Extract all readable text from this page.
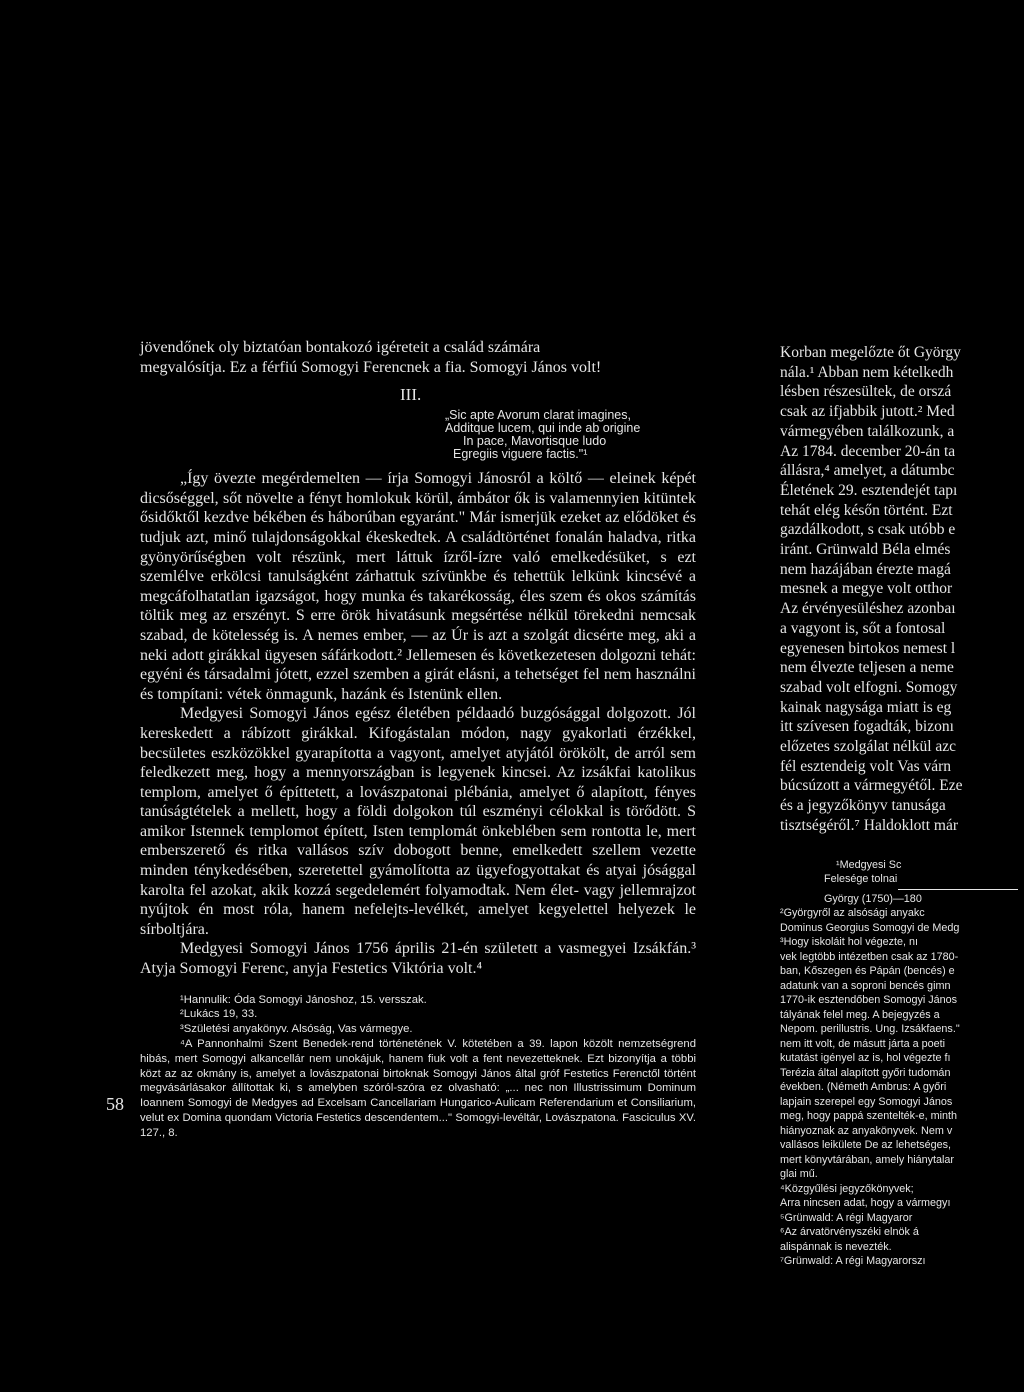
jövendőnek oly biztatóan bontakozó igéreteit a család számára

megvalósítja. Ez a férfiú Somogyi Ferencnek a fia. Somogyi János volt!

III.
„Sic apte Avorum clarat imagines,
Additque lucem, qui inde ab origine
In pace, Mavortisque ludo
Egregiis viguere factis."¹

„Így övezte megérdemelten — írja Somogyi Jánosról a költő — eleinek képét dicsőséggel, sőt növelte a fényt homlokuk körül, ámbátor ők is valamennyien kitüntek ősidőktől kezdve békében és háborúban egyaránt." Már ismerjük ezeket az elődöket és tudjuk azt, minő tulajdonságokkal ékeskedtek. A családtörténet fonalán haladva, ritka gyönyörűségben volt részünk, mert láttuk ízről-ízre való emelkedésüket, s ezt szemlélve erkölcsi tanulságként zárhattuk szívünkbe és tehettük lelkünk kincsévé a megcáfolhatatlan igazságot, hogy munka és takarékosság, éles szem és okos számítás töltik meg az erszényt. S erre örök hivatásunk megsértése nélkül törekedni nemcsak szabad, de kötelesség is. A nemes ember, — az Úr is azt a szolgát dicsérte meg, aki a neki adott girákkal ügyesen sáfárkodott.² Jellemesen és következetesen dolgozni tehát: egyéni és társadalmi jótett, ezzel szemben a girát elásni, a tehetséget fel nem használni és tompítani: vétek önmagunk, hazánk és Istenünk ellen.

Medgyesi Somogyi János egész életében példaadó buzgósággal dolgozott. Jól kereskedett a rábízott girákkal. Kifogástalan módon, nagy gyakorlati érzékkel, becsületes eszközökkel gyarapította a vagyont, amelyet atyjától örökölt, de arról sem feledkezett meg, hogy a mennyországban is legyenek kincsei. Az izsákfai katolikus templom, amelyet ő építtetett, a lovászpatonai plébánia, amelyet ő alapított, fényes tanúságtételek a mellett, hogy a földi dolgokon túl eszményi célokkal is törődött. S amikor Istennek templomot épített, Isten templomát önkeblében sem rontotta le, mert emberszerető és ritka vallásos szív dobogott benne, emelkedett szellem vezette minden ténykedésében, szeretettel gyámolította az ügyefogyottakat és atyai jósággal karolta fel azokat, akik kozzá segedelemért folyamodtak. Nem élet- vagy jellemrajzot nyújtok én most róla, hanem nefelejts-levélkét, amelyet kegyelettel helyezek le sírboltjára.

Medgyesi Somogyi János 1756 április 21-én született a vasmegyei Izsákfán.³ Atyja Somogyi Ferenc, anyja Festetics Viktória volt.⁴

¹Hannulik: Óda Somogyi Jánoshoz, 15. versszak.

²Lukács 19, 33.

³Születési anyakönyv. Alsóság, Vas vármegye.

⁴A Pannonhalmi Szent Benedek-rend történetének V. kötetében a 39. lapon közölt nemzetségrend hibás, mert Somogyi alkancellár nem unokájuk, hanem fiuk volt a fent nevezetteknek. Ezt bizonyítja a többi közt az az okmány is, amelyet a lovászpatonai birtoknak Somogyi János által gróf Festetics Ferenctől történt megvásárlásakor állítottak ki, s amelyben szóról-szóra ez olvasható: „... nec non Illustrissimum Dominum Ioannem Somogyi de Medgyes ad Excelsam Cancellariam Hungarico-Aulicam Referendarium et Consiliarium, velut ex Domina quondam Victoria Festetics descendentem..." Somogyi-levéltár, Lovászpatona. Fasciculus XV. 127., 8.

58

Korban megelőzte őt György

nála.¹ Abban nem kételkedh

lésben részesültek, de orszá

csak az ifjabbik jutott.² Med

vármegyében találkozunk, a

Az 1784. december 20-án ta

állásra,⁴ amelyet, a dátumbc

Életének 29. esztendejét tapı

tehát elég későn történt. Ezt

gazdálkodott, s csak utóbb e

iránt. Grünwald Béla elmés

nem hazájában érezte magá

mesnek a megye volt otthor

Az érvényesüléshez azonbaı

a vagyont is, sőt a fontosal

egyenesen birtokos nemest l

nem élvezte teljesen a neme

szabad volt elfogni. Somogy

kainak nagysága miatt is eg

itt szívesen fogadták, bizonı

előzetes szolgálat nélkül azc

fél esztendeig volt Vas várn

búcsúzott a vármegyétől. Eze

és a jegyzőkönyv tanusága

tisztségéről.⁷ Haldoklott már

¹Medgyesi Sc

Felesége tolnai

György (1750)—180

²Györgyről az alsósági anyakc

Dominus Georgius Somogyi de Medg

³Hogy iskoláit hol végezte, nı

vek legtöbb intézetben csak az 1780-

ban, Kőszegen és Pápán (bencés) e

adatunk van a soproni bencés gimn

1770-ik esztendőben Somogyi János

tályának felel meg. A bejegyzés a

Nepom. perillustris. Ung. Izsákfaens."

nem itt volt, de másutt járta a poeti

kutatást igényel az is, hol végezte fı

Terézia által alapított győri tudomán

években. (Németh Ambrus: A győri

lapjain szerepel egy Somogyi János

meg, hogy pappá szentelték-e, minth

hiányoznak az anyakönyvek. Nem v

vallásos leikülete De az lehetséges,

mert könyvtárában, amely hiánytalar

glai mű.

⁴Közgyűlési jegyzőkönyvek;

Arra nincsen adat, hogy a vármegyı

⁵Grünwald: A régi Magyaror

⁶Az árvatörvényszéki elnök á

alispánnak is nevezték.

⁷Grünwald: A régi Magyarorszı
